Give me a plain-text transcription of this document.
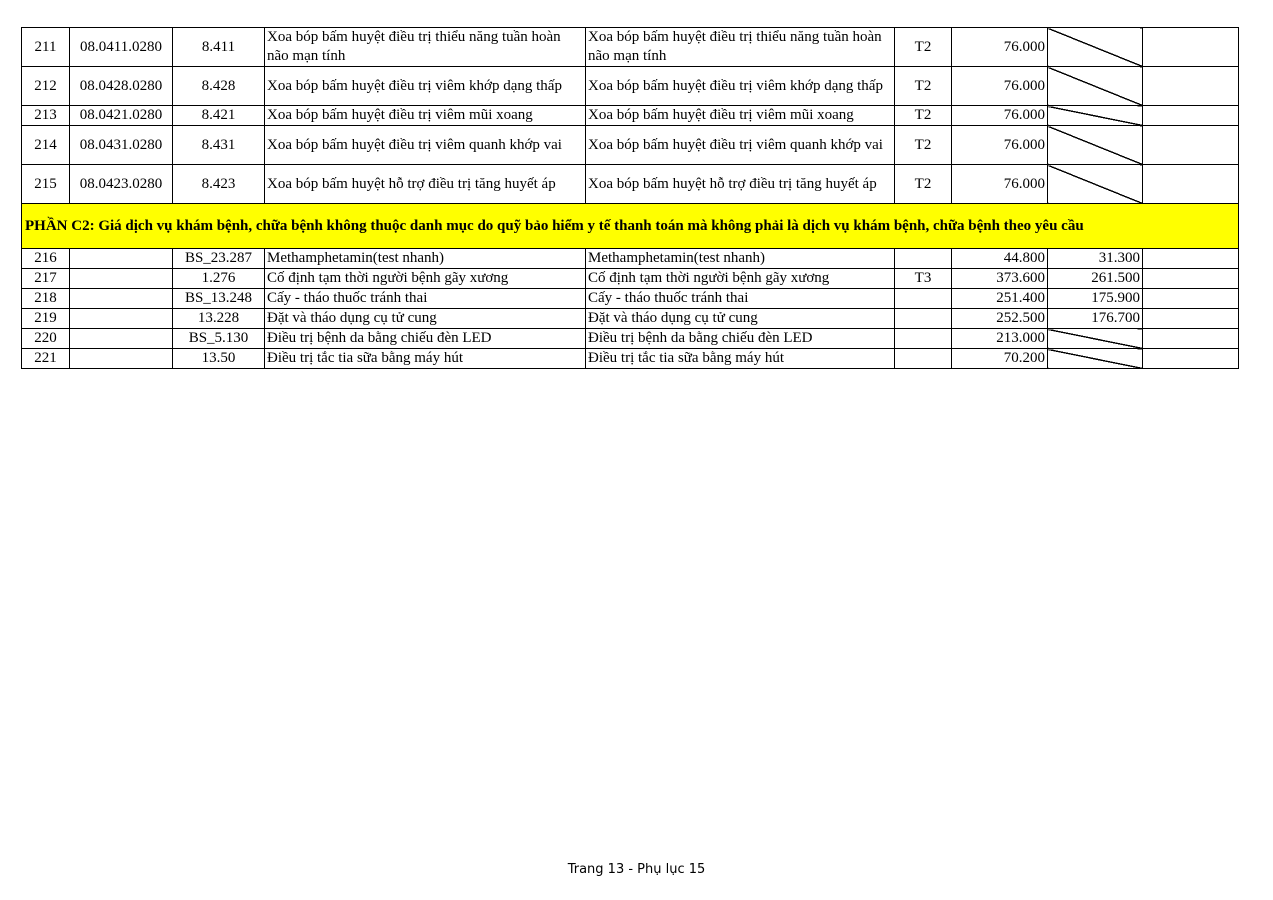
211	08.0411.0280	8.411	Xoa bóp bấm huyệt điều trị thiểu năng tuần hoàn não mạn tính	Xoa bóp bấm huyệt điều trị thiểu năng tuần hoàn não mạn tính	T2	76.000		
212	08.0428.0280	8.428	Xoa bóp bấm huyệt điều trị viêm khớp dạng thấp	Xoa bóp bấm huyệt điều trị viêm khớp dạng thấp	T2	76.000		
213	08.0421.0280	8.421	Xoa bóp bấm huyệt điều trị viêm mũi xoang	Xoa bóp bấm huyệt điều trị viêm mũi xoang	T2	76.000		
214	08.0431.0280	8.431	Xoa bóp bấm huyệt điều trị viêm quanh khớp vai	Xoa bóp bấm huyệt điều trị viêm quanh khớp vai	T2	76.000		
215	08.0423.0280	8.423	Xoa bóp bấm huyệt hỗ trợ điều trị tăng huyết áp	Xoa bóp bấm huyệt hỗ trợ điều trị tăng huyết áp	T2	76.000		
PHẦN C2: Giá dịch vụ khám bệnh, chữa bệnh không thuộc danh mục do quỹ bảo hiểm y tế thanh toán mà không phải là dịch vụ khám bệnh, chữa bệnh theo yêu cầu								
216		BS_23.287	Methamphetamin(test nhanh)	Methamphetamin(test nhanh)		44.800	31.300	
217		1.276	Cố định tạm thời người bệnh gãy xương	Cố định tạm thời người bệnh gãy xương	T3	373.600	261.500	
218		BS_13.248	Cấy - tháo thuốc tránh thai	Cấy - tháo thuốc tránh thai		251.400	175.900	
219		13.228	Đặt và tháo dụng cụ tử cung	Đặt và tháo dụng cụ tử cung		252.500	176.700	
220		BS_5.130	Điều trị bệnh da bằng chiếu đèn LED	Điều trị bệnh da bằng chiếu đèn LED		213.000		
221		13.50	Điều trị tắc tia sữa bằng máy hút	Điều trị tắc tia sữa bằng máy hút		70.200		
Trang 13 - Phụ lục 15
